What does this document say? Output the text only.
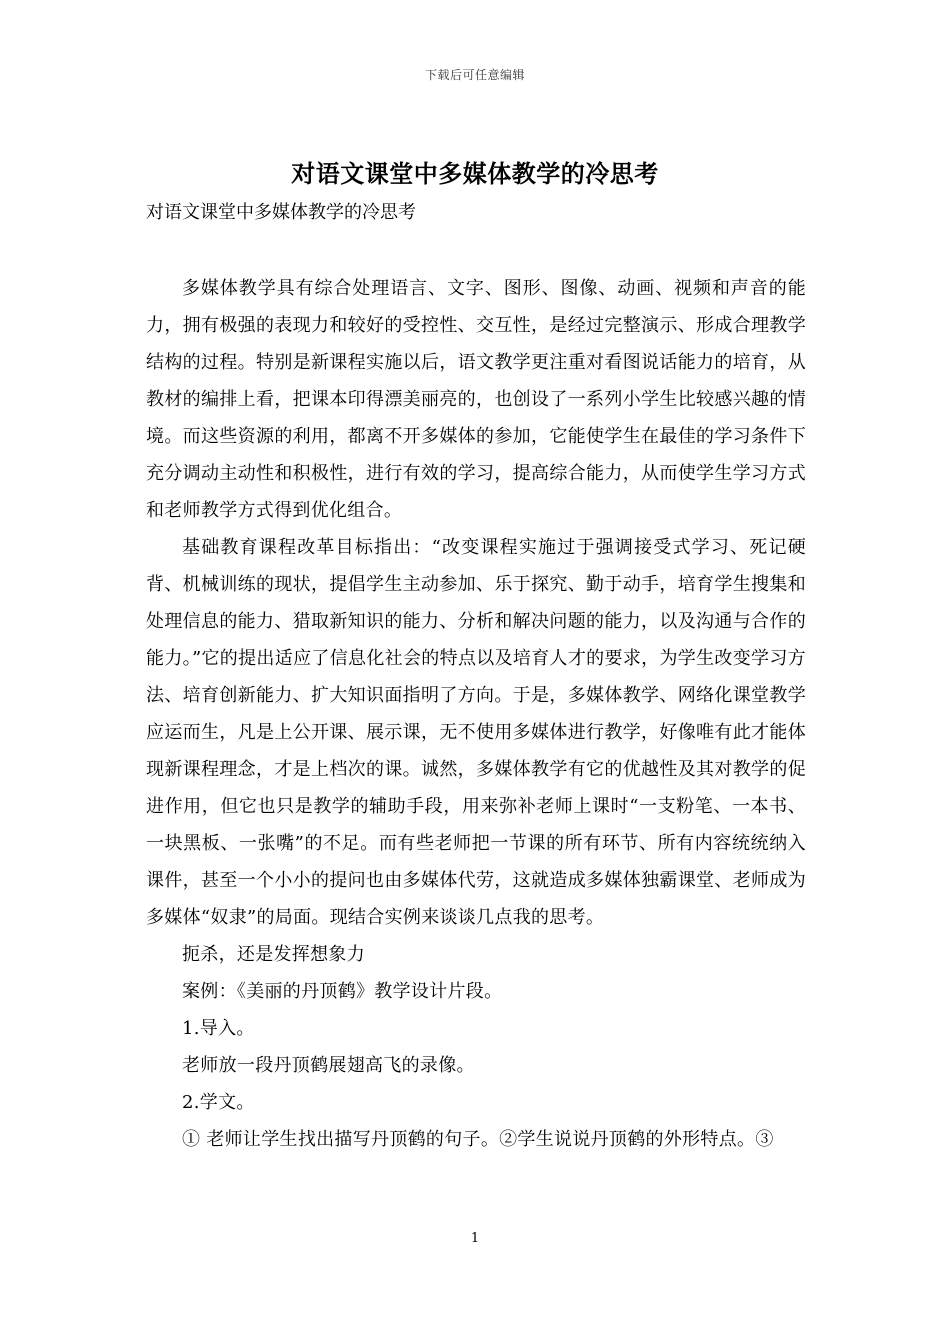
下载后可任意编辑
对语文课堂中多媒体教学的冷思考
对语文课堂中多媒体教学的冷思考

多媒体教学具有综合处理语言、文字、图形、图像、动画、视频和声音的能力，拥有极强的表现力和较好的受控性、交互性，是经过完整演示、形成合理教学结构的过程。特别是新课程实施以后，语文教学更注重对看图说话能力的培育，从教材的编排上看，把课本印得漂美丽亮的，也创设了一系列小学生比较感兴趣的情境。而这些资源的利用，都离不开多媒体的参加，它能使学生在最佳的学习条件下充分调动主动性和积极性，进行有效的学习，提高综合能力，从而使学生学习方式和老师教学方式得到优化组合。

基础教育课程改革目标指出：“改变课程实施过于强调接受式学习、死记硬背、机械训练的现状，提倡学生主动参加、乐于探究、勤于动手，培育学生搜集和处理信息的能力、猎取新知识的能力、分析和解决问题的能力，以及沟通与合作的能力。”它的提出适应了信息化社会的特点以及培育人才的要求，为学生改变学习方法、培育创新能力、扩大知识面指明了方向。于是，多媒体教学、网络化课堂教学应运而生，凡是上公开课、展示课，无不使用多媒体进行教学，好像唯有此才能体现新课程理念，才是上档次的课。诚然，多媒体教学有它的优越性及其对教学的促进作用，但它也只是教学的辅助手段，用来弥补老师上课时“一支粉笔、一本书、一块黑板、一张嘴”的不足。而有些老师把一节课的所有环节、所有内容统统纳入课件，甚至一个小小的提问也由多媒体代劳，这就造成多媒体独霸课堂、老师成为多媒体“奴隶”的局面。现结合实例来谈谈几点我的思考。

扼杀，还是发挥想象力

案例：《美丽的丹顶鹤》教学设计片段。

1.导入。

老师放一段丹顶鹤展翅高飞的录像。

2.学文。

① 老师让学生找出描写丹顶鹤的句子。②学生说说丹顶鹤的外形特点。③

1
